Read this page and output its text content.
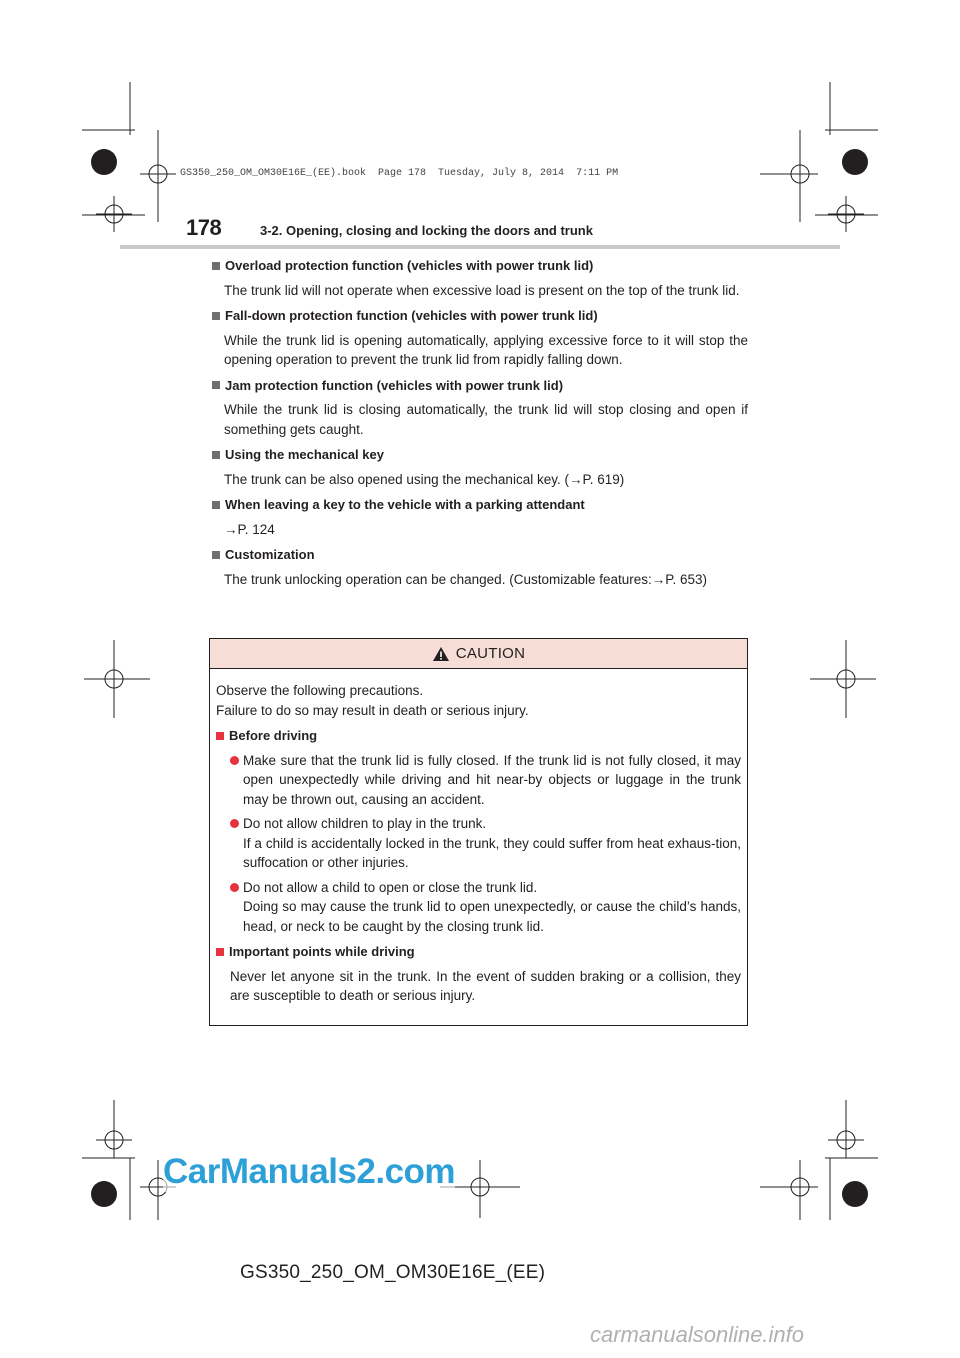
GS350_250_OM_OM30E16E_(EE).book  Page 178  Tuesday, July 8, 2014  7:11 PM
178	3-2. Opening, closing and locking the doors and trunk
Overload protection function (vehicles with power trunk lid)
The trunk lid will not operate when excessive load is present on the top of the trunk lid.
Fall-down protection function (vehicles with power trunk lid)
While the trunk lid is opening automatically, applying excessive force to it will stop the opening operation to prevent the trunk lid from rapidly falling down.
Jam protection function (vehicles with power trunk lid)
While the trunk lid is closing automatically, the trunk lid will stop closing and open if something gets caught.
Using the mechanical key
The trunk can be also opened using the mechanical key. (→P. 619)
When leaving a key to the vehicle with a parking attendant
→P. 124
Customization
The trunk unlocking operation can be changed. (Customizable features:→P. 653)
CAUTION
Observe the following precautions.
Failure to do so may result in death or serious injury.
Before driving
Make sure that the trunk lid is fully closed. If the trunk lid is not fully closed, it may open unexpectedly while driving and hit near-by objects or luggage in the trunk may be thrown out, causing an accident.
Do not allow children to play in the trunk.
If a child is accidentally locked in the trunk, they could suffer from heat exhaus-tion, suffocation or other injuries.
Do not allow a child to open or close the trunk lid.
Doing so may cause the trunk lid to open unexpectedly, or cause the child’s hands, head, or neck to be caught by the closing trunk lid.
Important points while driving
Never let anyone sit in the trunk. In the event of sudden braking or a collision, they are susceptible to death or serious injury.
CarManuals2.com
GS350_250_OM_OM30E16E_(EE)
carmanualsonline.info
